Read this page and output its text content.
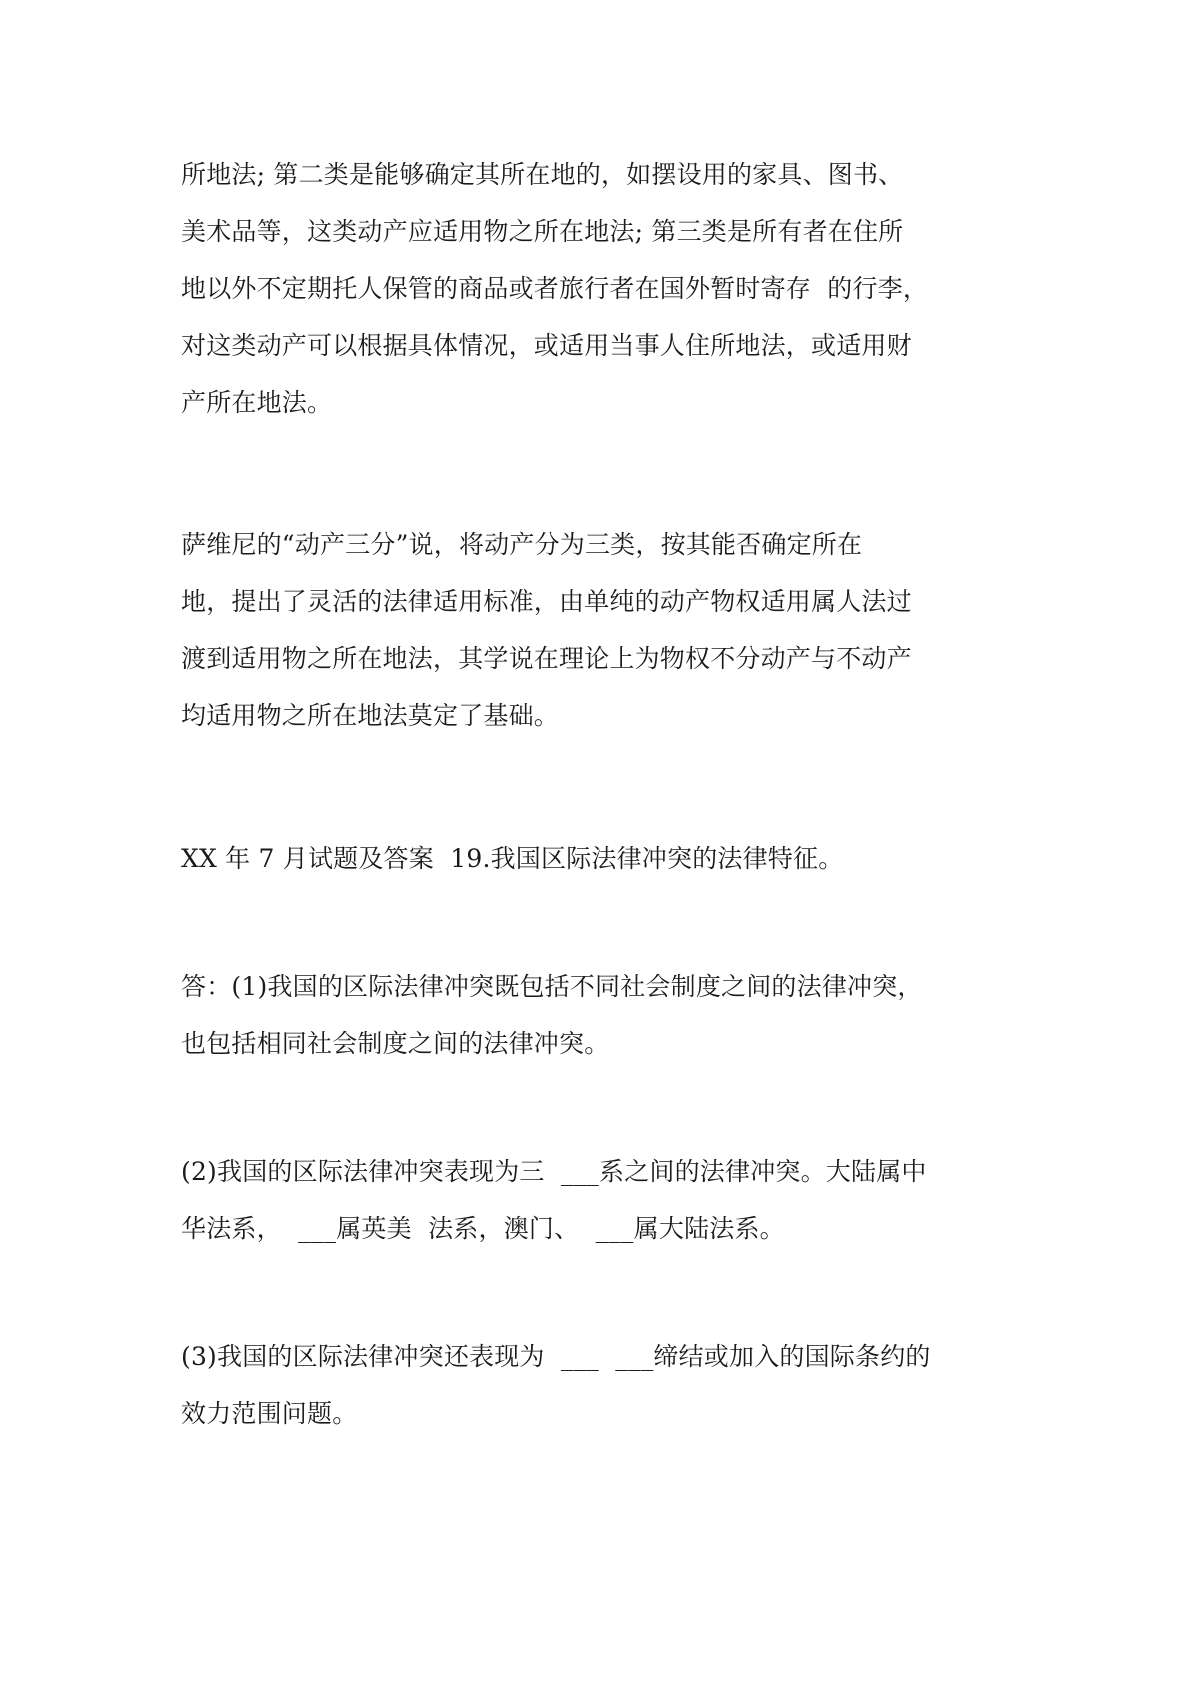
所地法; 第二类是能够确定其所在地的，如摆设用的家具、图书、
美术品等，这类动产应适用物之所在地法; 第三类是所有者在住所
地以外不定期托人保管的商品或者旅行者在国外暂时寄存  的行李，
对这类动产可以根据具体情况，或适用当事人住所地法，或适用财
产所在地法。

萨维尼的“动产三分”说，将动产分为三类，按其能否确定所在
地，提出了灵活的法律适用标准，由单纯的动产物权适用属人法过
渡到适用物之所在地法，其学说在理论上为物权不分动产与不动产
均适用物之所在地法莫定了基础。

XX 年 7 月试题及答案  19.我国区际法律冲突的法律特征。

答：(1)我国的区际法律冲突既包括不同社会制度之间的法律冲突，
也包括相同社会制度之间的法律冲突。

(2)我国的区际法律冲突表现为三  ___系之间的法律冲突。大陆属中
华法系，  ___属英美  法系，澳门、  ___属大陆法系。

(3)我国的区际法律冲突还表现为  ___  ___缔结或加入的国际条约的
效力范围问题。
